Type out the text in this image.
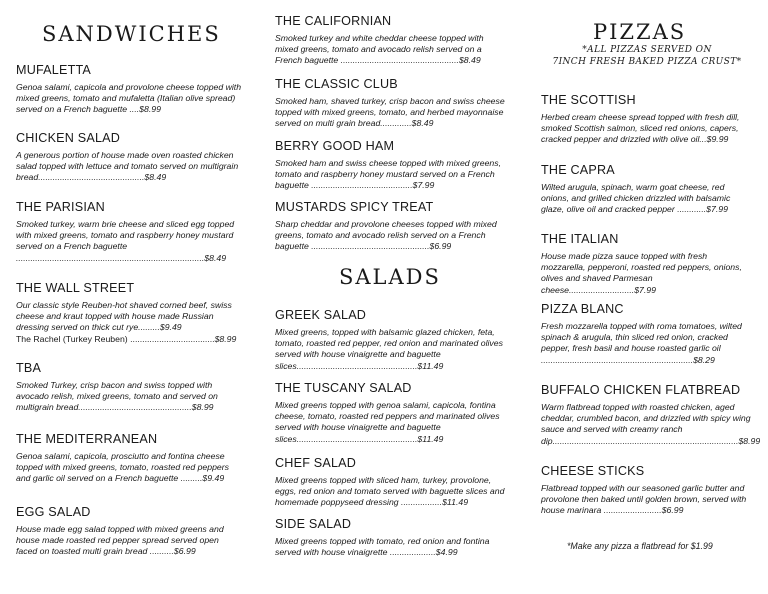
SANDWICHES
MUFALETTA
Genoa salami, capicola and provolone cheese topped with mixed greens, tomato and mufaletta (Italian olive spread) served on a French baguette ....$8.99
CHICKEN SALAD
A generous portion of house made oven roasted chicken salad topped with lettuce and tomato served on multigrain bread............................................$8.49
THE PARISIAN
Smoked turkey, warm brie cheese and sliced egg topped with mixed greens, tomato and raspberry honey mustard served on a French baguette ..............................................................................$8.49
THE WALL STREET
Our classic style Reuben-hot shaved corned beef, swiss cheese and kraut topped with house made Russian dressing served on thick cut rye.........$9.49
The Rachel (Turkey Reuben) ...................................$8.99
TBA
Smoked Turkey, crisp bacon and swiss topped with avocado relish, mixed greens, tomato and served on multigrain bread...............................................$8.99
THE MEDITERRANEAN
Genoa salami, capicola, prosciutto and fontina cheese topped with mixed greens, tomato, roasted red peppers and garlic oil served on a French baguette .........$9.49
EGG SALAD
House made egg salad topped with mixed greens and house made roasted red pepper spread served open faced on toasted multi grain bread ..........$6.99
THE CALIFORNIAN
Smoked turkey and white cheddar cheese topped with mixed greens, tomato and avocado relish served on a French baguette .................................................$8.49
THE CLASSIC CLUB
Smoked ham, shaved turkey, crisp bacon and swiss cheese topped with mixed greens, tomato, and herbed mayonnaise served on multi grain bread.............$8.49
BERRY GOOD HAM
Smoked ham and swiss cheese topped with mixed greens, tomato and raspberry honey mustard served on a French baguette ..........................................$7.99
MUSTARDS SPICY TREAT
Sharp cheddar and provolone cheeses topped with mixed greens, tomato and avocado relish served on a French baguette .................................................$6.99
SALADS
GREEK SALAD
Mixed greens, topped with balsamic glazed chicken, feta, tomato, roasted red pepper, red onion and marinated olives served with house vinaigrette and baguette slices..................................................$11.49
THE TUSCANY SALAD
Mixed greens topped with genoa salami, capicola, fontina cheese, tomato, roasted red peppers and marinated olives served with house vinaigrette and baguette slices..................................................$11.49
CHEF SALAD
Mixed greens topped with sliced ham, turkey, provolone, eggs, red onion and tomato served with baguette slices and homemade poppyseed dressing .................$11.49
SIDE SALAD
Mixed greens topped with tomato, red onion and fontina served with house vinaigrette ...................$4.99
PIZZAS
*ALL PIZZAS SERVED ON
7INCH FRESH BAKED PIZZA CRUST*
THE SCOTTISH
Herbed cream cheese spread topped with fresh dill, smoked Scottish salmon, sliced red onions, capers, cracked pepper and drizzled with olive oil...$9.99
THE CAPRA
Wilted arugula, spinach, warm goat cheese, red onions, and grilled chicken drizzled with balsamic glaze, olive oil and cracked pepper ............$7.99
THE ITALIAN
House made pizza sauce topped with fresh mozzarella, pepperoni, roasted red peppers, onions, olives and shaved Parmesan cheese...........................$7.99
PIZZA BLANC
Fresh mozzarella topped with roma tomatoes, wilted spinach & arugula, thin sliced red onion, cracked pepper, fresh basil and house roasted garlic oil ...............................................................$8.29
BUFFALO CHICKEN FLATBREAD
Warm flatbread topped with roasted chicken, aged cheddar, crumbled bacon, and drizzled with spicy wing sauce and served with creamy ranch dip.............................................................................$8.99
CHEESE STICKS
Flatbread topped with our seasoned garlic butter and provolone then baked until golden brown, served with house marinara ........................$6.99
*Make any pizza a flatbread for $1.99
